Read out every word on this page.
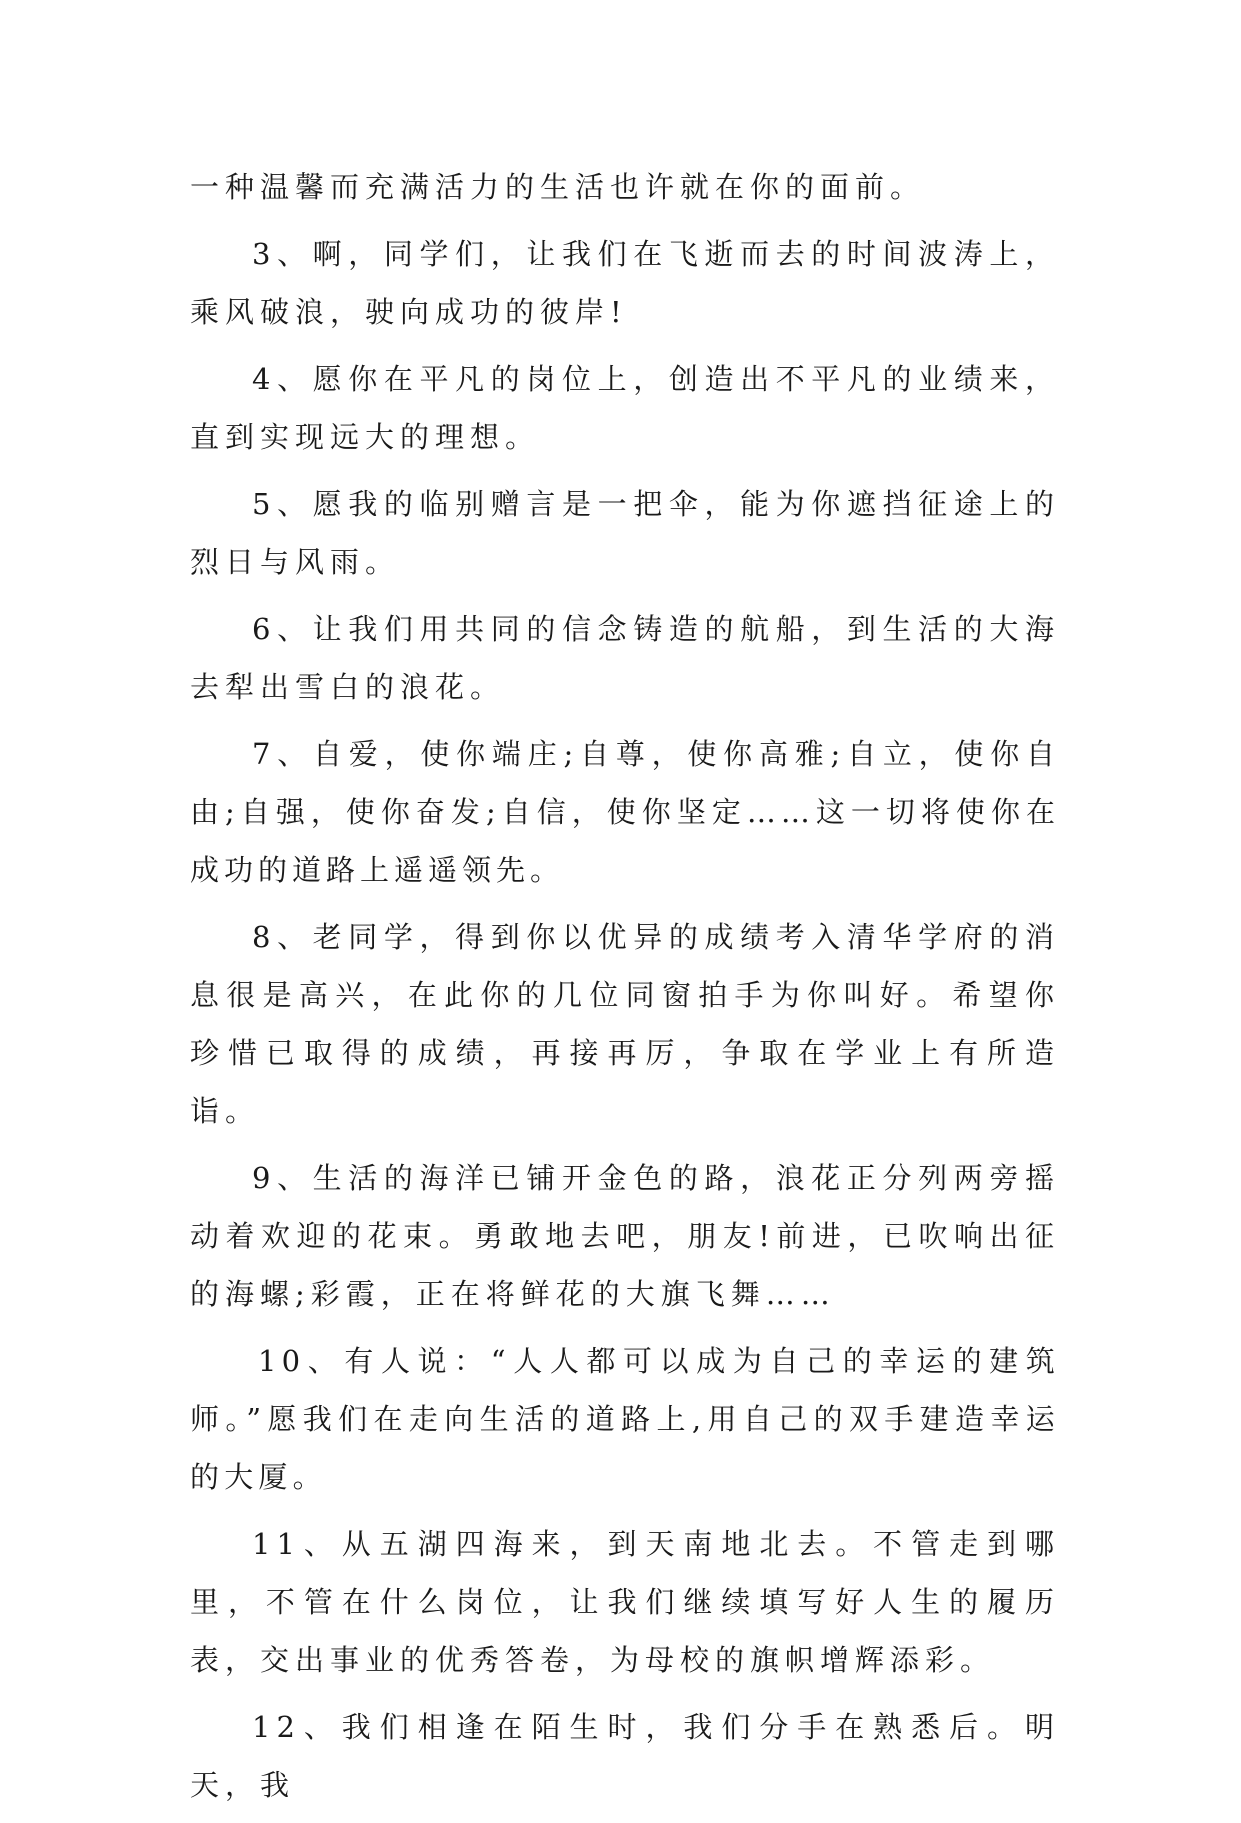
一种温馨而充满活力的生活也许就在你的面前。

3、啊，同学们，让我们在飞逝而去的时间波涛上，乘风破浪，驶向成功的彼岸!

4、愿你在平凡的岗位上，创造出不平凡的业绩来，直到实现远大的理想。

5、愿我的临别赠言是一把伞，能为你遮挡征途上的烈日与风雨。

6、让我们用共同的信念铸造的航船，到生活的大海去犁出雪白的浪花。

7、自爱，使你端庄;自尊，使你高雅;自立，使你自由;自强，使你奋发;自信，使你坚定……这一切将使你在成功的道路上遥遥领先。

8、老同学，得到你以优异的成绩考入清华学府的消息很是高兴，在此你的几位同窗拍手为你叫好。希望你珍惜已取得的成绩，再接再厉，争取在学业上有所造诣。

9、生活的海洋已铺开金色的路，浪花正分列两旁摇动着欢迎的花束。勇敢地去吧，朋友!前进，已吹响出征的海螺;彩霞，正在将鲜花的大旗飞舞……

10、有人说：“人人都可以成为自己的幸运的建筑师。”愿我们在走向生活的道路上,用自己的双手建造幸运的大厦。

11、从五湖四海来，到天南地北去。不管走到哪里，不管在什么岗位，让我们继续填写好人生的履历表，交出事业的优秀答卷，为母校的旗帜增辉添彩。

12、我们相逢在陌生时，我们分手在熟悉后。明天，我
